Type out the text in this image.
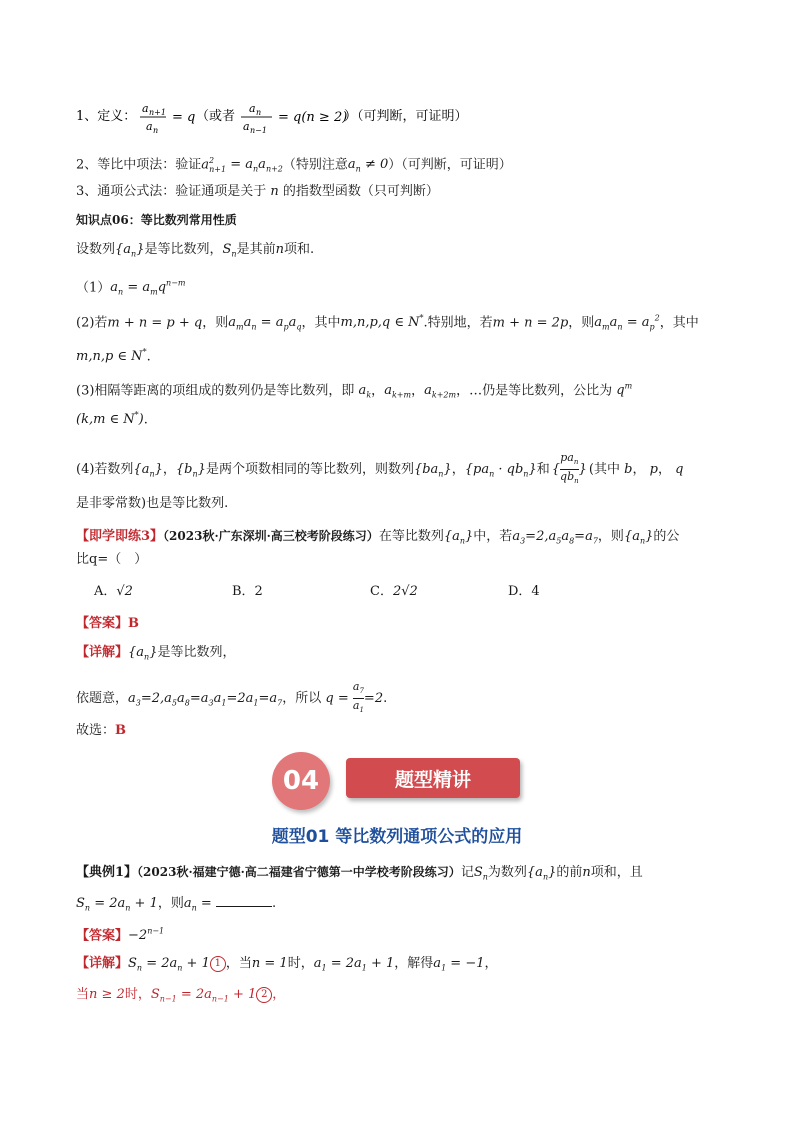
1、定义：
a n+1
a n
= q （或者
a n
a n−1
= q(n ≥ 2)
）（可判断，可证明）
2、等比中项法：验证$a^2_{n+1} = a_na_{n+2}$（特别注意$a_n \ne 0$）（可判断，可证明）
3、通项公式法：验证通项是关于 n 的指数型函数（只可判断）
知识点06：等比数列常用性质
设数列$\{a_n\}$是等比数列，$S_n$是其前n项和.
$(1)a_n = a_mq^{n-m}$
(2)若m + n = p + q，则$a_ma_n = a_pa_q$，其中m,n,p,q ∈ N*.特别地，若m + n = 2p，则$a_ma_n = a_p^2$，其中
m,n,p ∈ N*.
(3)相隔等距离的项组成的数列仍是等比数列，即 $a_k$，$a_{k+m}$，$a_{k+2m}$，…仍是等比数列，公比为 $q^m$
(k,m ∈ N*).
(4)若数列$\{a_n\}$，$\{b_n\}$是两个项数相同的等比数列，则数列$\{ba_n\}$，$\{pa_n \cdot qb_n\}$和 {
$pa_n$
$qb_n$
} (其中 b， p， q
是非零常数)也是等比数列.
【即学即练3】（2023秋·广东深圳·高三校考阶段练习）在等比数列$\{a_n\}$中，若$a_3=2,a_5a_8=a_7$，则$\{a_n\}$的公
比q=（　）
A．√2	B．2	C．2√2	D．4
【答案】B
【详解】$\{a_n\}$是等比数列，
依题意，$a_3=2,a_5a_8=a_3a_1=2a_1=a_7$，所以 $q = \frac{a_7}{a_1} =2$.
故选：B
04	题型精讲
题型01 等比数列通项公式的应用
【典例1】（2023秋·福建宁德·高二福建省宁德第一中学校考阶段练习）记$S_n$为数列$\{a_n\}$的前n项和，且
$S_n = 2a_n + 1$，则$a_n$ =	.
【答案】$-2^{n-1}$
【详解】$S_n = 2a_n + 1$ 1 ，当n = 1时，$a_1 = 2a_1 + 1$，解得$a_1 = -1$，
当n ≥ 2时，$S_{n-1} = 2a_{n-1} + 1$ 2 ，
